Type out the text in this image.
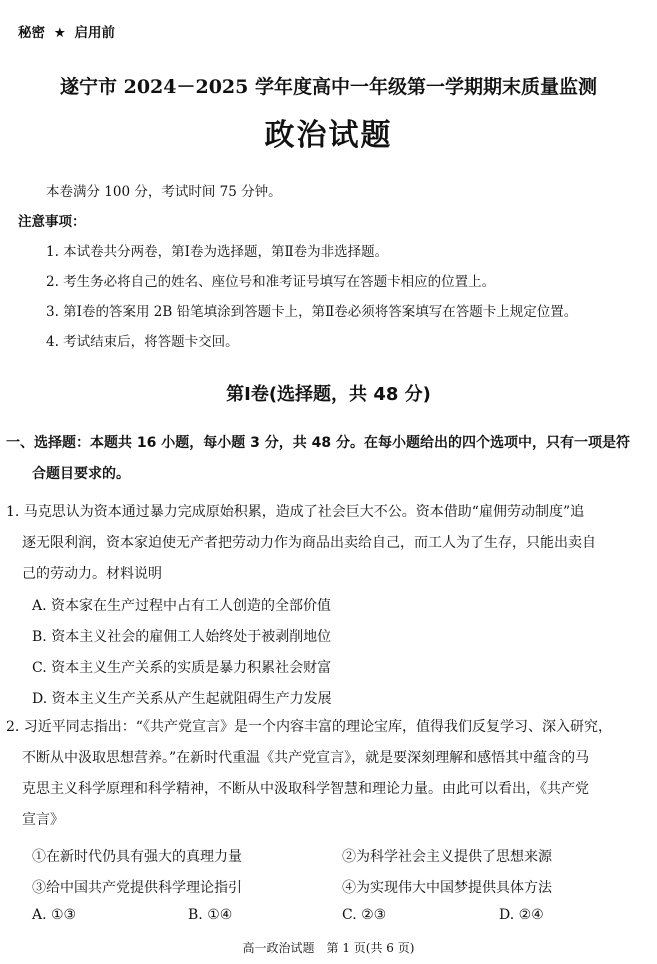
秘密 ★ 启用前
遂宁市 2024－2025 学年度高中一年级第一学期期末质量监测
政治试题
本卷满分 100 分，考试时间 75 分钟。
注意事项：
1. 本试卷共分两卷，第Ⅰ卷为选择题，第Ⅱ卷为非选择题。
2. 考生务必将自己的姓名、座位号和准考证号填写在答题卡相应的位置上。
3. 第Ⅰ卷的答案用 2B 铅笔填涂到答题卡上，第Ⅱ卷必须将答案填写在答题卡上规定位置。
4. 考试结束后，将答题卡交回。
第Ⅰ卷(选择题，共 48 分)
一、选择题：本题共 16 小题，每小题 3 分，共 48 分。在每小题给出的四个选项中，只有一项是符
合题目要求的。
1. 马克思认为资本通过暴力完成原始积累，造成了社会巨大不公。资本借助“雇佣劳动制度”追
逐无限利润，资本家迫使无产者把劳动力作为商品出卖给自己，而工人为了生存，只能出卖自
己的劳动力。材料说明
A. 资本家在生产过程中占有工人创造的全部价值
B. 资本主义社会的雇佣工人始终处于被剥削地位
C. 资本主义生产关系的实质是暴力积累社会财富
D. 资本主义生产关系从产生起就阻碍生产力发展
2. 习近平同志指出：“《共产党宣言》是一个内容丰富的理论宝库，值得我们反复学习、深入研究，
不断从中汲取思想营养。”在新时代重温《共产党宣言》，就是要深刻理解和感悟其中蕴含的马
克思主义科学原理和科学精神，不断从中汲取科学智慧和理论力量。由此可以看出，《共产党
宣言》
①在新时代仍具有强大的真理力量	②为科学社会主义提供了思想来源
③给中国共产党提供科学理论指引	④为实现伟大中国梦提供具体方法
A. ①③	B. ①④	C. ②③	D. ②④
高一政治试题　第 1 页(共 6 页)
